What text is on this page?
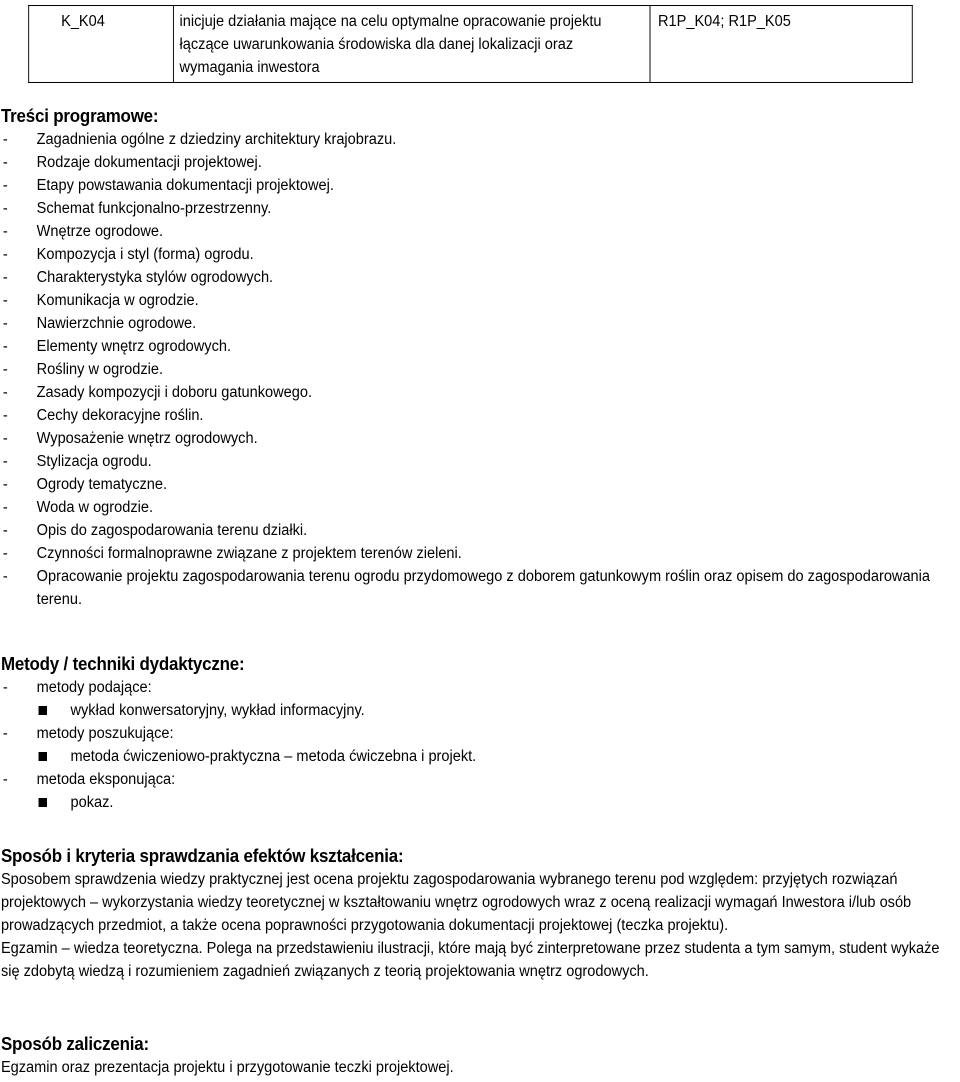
K_K04	inicjuje działania mające na celu optymalne opracowanie projektu łączące uwarunkowania środowiska dla danej lokalizacji oraz wymagania inwestora	R1P_K04; R1P_K05
Treści programowe:
- Zagadnienia ogólne z dziedziny architektury krajobrazu.
- Rodzaje dokumentacji projektowej.
- Etapy powstawania dokumentacji projektowej.
- Schemat funkcjonalno-przestrzenny.
- Wnętrze ogrodowe.
- Kompozycja i styl (forma) ogrodu.
- Charakterystyka stylów ogrodowych.
- Komunikacja w ogrodzie.
- Nawierzchnie ogrodowe.
- Elementy wnętrz ogrodowych.
- Rośliny w ogrodzie.
- Zasady kompozycji i doboru gatunkowego.
- Cechy dekoracyjne roślin.
- Wyposażenie wnętrz ogrodowych.
- Stylizacja ogrodu.
- Ogrody tematyczne.
- Woda w ogrodzie.
- Opis do zagospodarowania terenu działki.
- Czynności formalnoprawne związane z projektem terenów zieleni.
- Opracowanie projektu zagospodarowania terenu ogrodu przydomowego z doborem gatunkowym roślin oraz opisem do zagospodarowania terenu.
Metody / techniki dydaktyczne:
- metody podające:
wykład konwersatoryjny, wykład informacyjny.
- metody poszukujące:
metoda ćwiczeniowo-praktyczna – metoda ćwiczebna i projekt.
- metoda eksponująca:
pokaz.
Sposób i kryteria sprawdzania efektów kształcenia:

Sposobem sprawdzenia wiedzy praktycznej jest ocena projektu zagospodarowania wybranego terenu pod względem: przyjętych rozwiązań projektowych – wykorzystania wiedzy teoretycznej w kształtowaniu wnętrz ogrodowych wraz z oceną realizacji wymagań Inwestora i/lub osób prowadzących przedmiot, a także ocena poprawności przygotowania dokumentacji projektowej (teczka projektu).

Egzamin – wiedza teoretyczna. Polega na przedstawieniu ilustracji, które mają być zinterpretowane przez studenta a tym samym, student wykaże się zdobytą wiedzą i rozumieniem zagadnień związanych z teorią projektowania wnętrz ogrodowych.

Sposób zaliczenia:

Egzamin oraz prezentacja projektu i przygotowanie teczki projektowej.
